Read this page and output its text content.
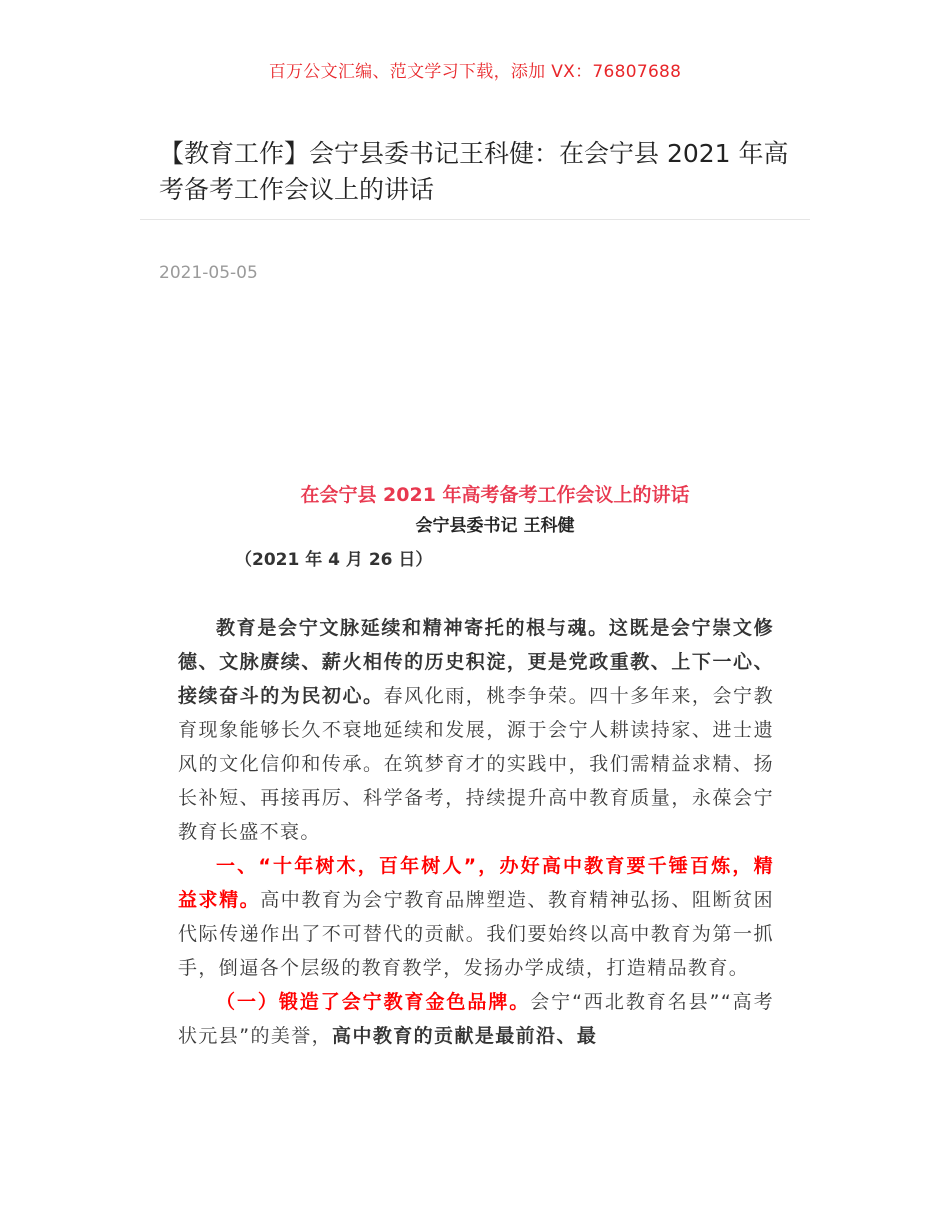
百万公文汇编、范文学习下载，添加 VX：76807688
【教育工作】会宁县委书记王科健：在会宁县 2021 年高考备考工作会议上的讲话
2021-05-05
在会宁县 2021 年高考备考工作会议上的讲话
会宁县委书记 王科健
（2021 年 4 月 26 日）

教育是会宁文脉延续和精神寄托的根与魂。这既是会宁崇文修德、文脉赓续、薪火相传的历史积淀，更是党政重教、上下一心、接续奋斗的为民初心。春风化雨，桃李争荣。四十多年来，会宁教育现象能够长久不衰地延续和发展，源于会宁人耕读持家、进士遗风的文化信仰和传承。在筑梦育才的实践中，我们需精益求精、扬长补短、再接再厉、科学备考，持续提升高中教育质量，永葆会宁教育长盛不衰。

一、“十年树木，百年树人”，办好高中教育要千锤百炼，精益求精。高中教育为会宁教育品牌塑造、教育精神弘扬、阻断贫困代际传递作出了不可替代的贡献。我们要始终以高中教育为第一抓手，倒逼各个层级的教育教学，发扬办学成绩，打造精品教育。

（一）锻造了会宁教育金色品牌。会宁“西北教育名县”“高考状元县”的美誉，高中教育的贡献是最前沿、最
